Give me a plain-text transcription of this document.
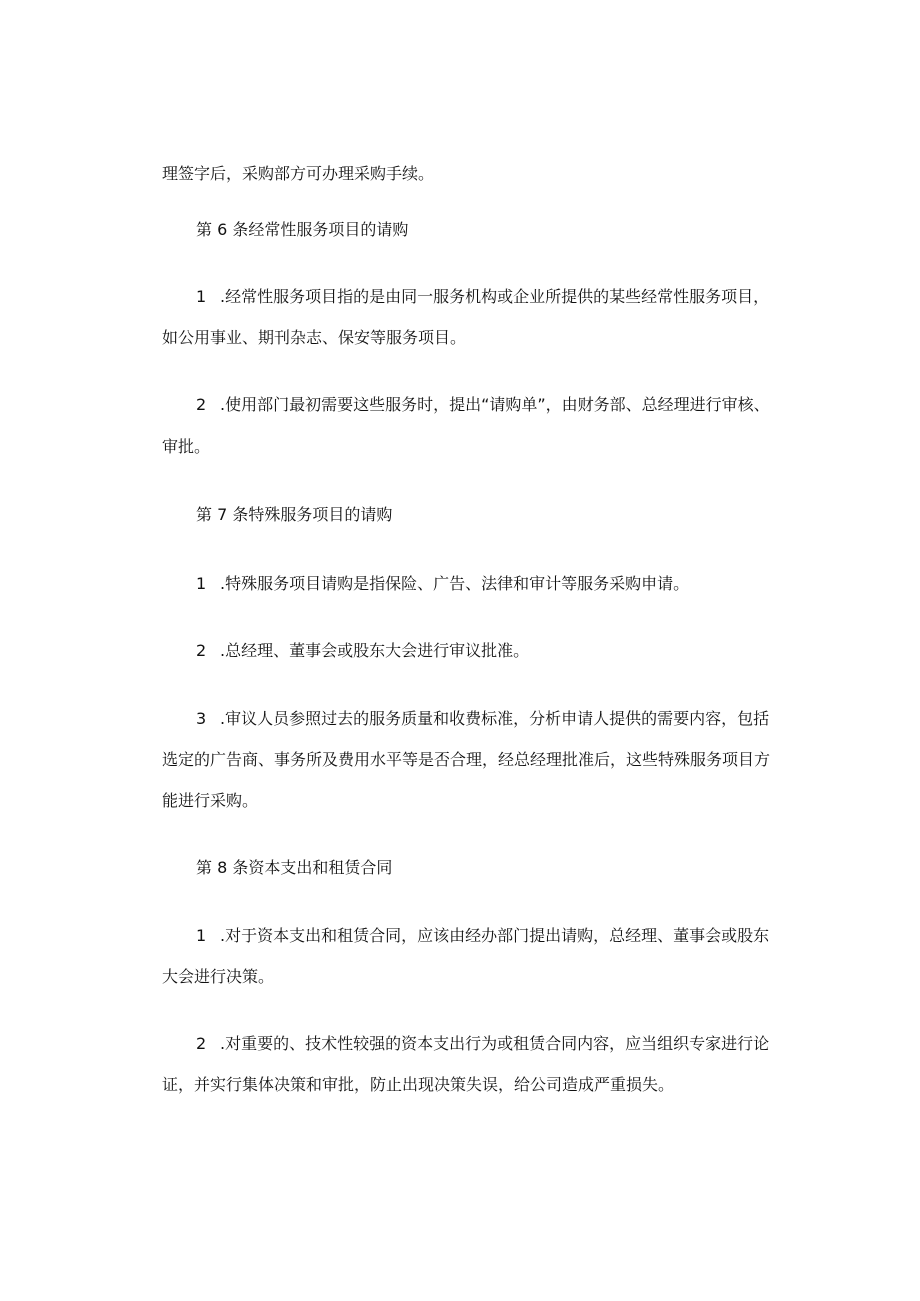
理签字后，采购部方可办理采购手续。
第 6 条经常性服务项目的请购
1 .经常性服务项目指的是由同一服务机构或企业所提供的某些经常性服务项目，
如公用事业、期刊杂志、保安等服务项目。
2 .使用部门最初需要这些服务时，提出“请购单”，由财务部、总经理进行审核、
审批。
第 7 条特殊服务项目的请购
1 .特殊服务项目请购是指保险、广告、法律和审计等服务采购申请。
2 .总经理、董事会或股东大会进行审议批准。
3 .审议人员参照过去的服务质量和收费标准，分析申请人提供的需要内容，包括
选定的广告商、事务所及费用水平等是否合理，经总经理批准后，这些特殊服务项目方
能进行采购。
第 8 条资本支出和租赁合同
1 .对于资本支出和租赁合同，应该由经办部门提出请购，总经理、董事会或股东
大会进行决策。
2 .对重要的、技术性较强的资本支出行为或租赁合同内容，应当组织专家进行论
证，并实行集体决策和审批，防止出现决策失误，给公司造成严重损失。
